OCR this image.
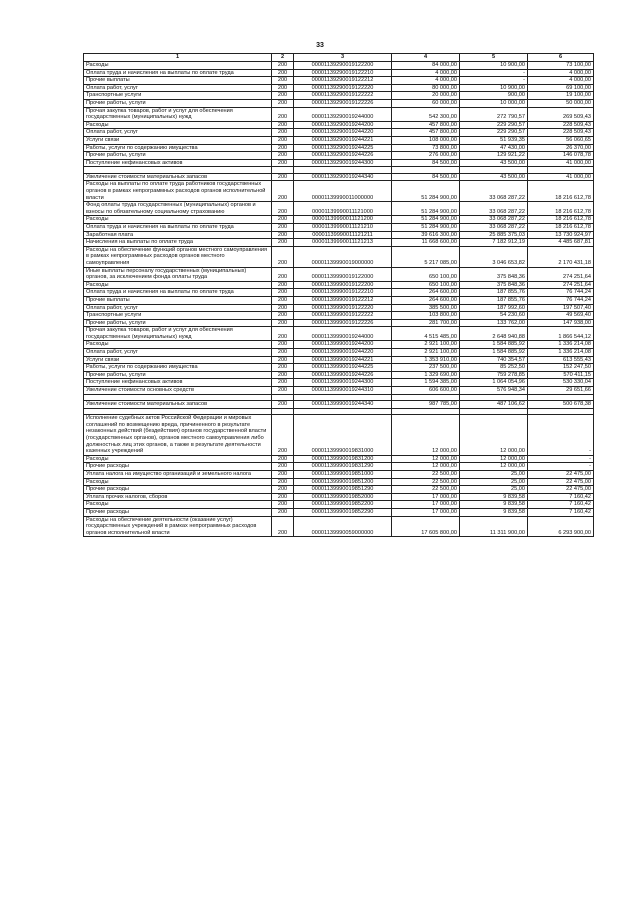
33
1	2	3	4	5	6
Расходы	200	00001139290019122200	84 000,00	10 900,00	73 100,00
Оплата труда и начисления на выплаты по оплате труда	200	00001139290019122210	4 000,00	-	4 000,00
Прочие выплаты	200	00001139290019122212	4 000,00	-	4 000,00
Оплата работ, услуг	200	00001139290019122220	80 000,00	10 900,00	69 100,00
Транспортные услуги	200	00001139290019122222	20 000,00	900,00	19 100,00
Прочие работы, услуги	200	00001139290019122226	60 000,00	10 000,00	50 000,00
Прочая закупка товаров, работ и услуг для обеспечения государственных (муниципальных) нужд	200	00001139290019244000	542 300,00	272 790,57	269 509,43
Расходы	200	00001139290019244200	457 800,00	229 290,57	228 509,43
Оплата работ, услуг	200	00001139290019244220	457 800,00	229 290,57	228 509,43
Услуги связи	200	00001139290019244221	108 000,00	51 939,35	56 060,65
Работы, услуги по содержанию имущества	200	00001139290019244225	73 800,00	47 430,00	26 370,00
Прочие работы, услуги	200	00001139290019244226	276 000,00	129 921,22	146 078,78
Поступление нефинансовых активов	200	00001139290019244300	84 500,00	43 500,00	41 000,00

Увеличение стоимости материальных запасов	200	00001139290019244340	84 500,00	43 500,00	41 000,00
Расходы на выплаты по оплате труда работников государственных органов в рамках непрограммных расходов органов исполнительной власти	200	00001139990011000000	51 284 900,00	33 068 287,22	18 216 612,78
Фонд оплаты труда государственных (муниципальных) органов и взносы по обязательному социальному страхованию	200	00001139990011121000	51 284 900,00	33 068 287,22	18 216 612,78
Расходы	200	00001139990011121200	51 284 900,00	33 068 287,22	18 216 612,78
Оплата труда и начисления на выплаты по оплате труда	200	00001139990011121210	51 284 900,00	33 068 287,22	18 216 612,78
Заработная плата	200	00001139990011121211	39 616 300,00	25 885 375,03	13 730 924,97
Начисления на выплаты по оплате труда	200	00001139990011121213	11 668 600,00	7 182 912,19	4 485 687,81
Расходы на обеспечение функций органов местного самоуправления в рамках непрограммных расходов органов местного самоуправления	200	00001139990019000000	5 217 085,00	3 046 653,82	2 170 431,18
Иные выплаты персоналу государственных (муниципальных) органов, за исключением фонда оплаты труда	200	00001139990019122000	650 100,00	375 848,36	274 251,64
Расходы	200	00001139990019122200	650 100,00	375 848,36	274 251,64
Оплата труда и начисления на выплаты по оплате труда	200	00001139990019122210	264 600,00	187 855,76	76 744,24
Прочие выплаты	200	00001139990019122212	264 600,00	187 855,76	76 744,24
Оплата работ, услуг	200	00001139990019122220	385 500,00	187 992,60	197 507,40
Транспортные услуги	200	00001139990019122222	103 800,00	54 230,60	49 569,40
Прочие работы, услуги	200	00001139990019122226	281 700,00	133 762,00	147 938,00
Прочая закупка товаров, работ и услуг для обеспечения государственных (муниципальных) нужд	200	00001139990019244000	4 515 485,00	2 648 940,88	1 866 544,12
Расходы	200	00001139990019244200	2 921 100,00	1 584 885,92	1 336 214,08
Оплата работ, услуг	200	00001139990019244220	2 921 100,00	1 584 885,92	1 336 214,08
Услуги связи	200	00001139990019244221	1 353 910,00	740 354,57	613 555,43
Работы, услуги по содержанию имущества	200	00001139990019244225	237 500,00	85 252,50	152 247,50
Прочие работы, услуги	200	00001139990019244226	1 329 690,00	759 278,85	570 411,15
Поступление нефинансовых активов	200	00001139990019244300	1 594 385,00	1 064 054,96	530 330,04
Увеличение стоимости основных средств	200	00001139990019244310	606 600,00	576 948,34	29 651,66

Увеличение стоимости материальных запасов	200	00001139990019244340	987 785,00	487 106,62	500 678,38

Исполнение судебных актов Российской Федерации и мировых соглашений по возмещению вреда, причиненного в результате незаконных действий (бездействия) органов государственной власти (государственных органов), органов местного самоуправления либо должностных лиц этих органов, а также в результате деятельности казенных учреждений	200	00001139990019831000	12 000,00	12 000,00	-
Расходы	200	00001139990019831200	12 000,00	12 000,00	-
Прочие расходы	200	00001139990019831290	12 000,00	12 000,00	-
Уплата налога на имущество организаций и земельного налога	200	00001139990019851000	22 500,00	25,00	22 475,00
Расходы	200	00001139990019851200	22 500,00	25,00	22 475,00
Прочие расходы	200	00001139990019851290	22 500,00	25,00	22 475,00
Уплата прочих налогов, сборов	200	00001139990019852000	17 000,00	9 839,58	7 160,42
Расходы	200	00001139990019852200	17 000,00	9 839,58	7 160,42
Прочие расходы	200	00001139990019852290	17 000,00	9 839,58	7 160,42
Расходы на обеспечение деятельности (оказание услуг) государственных учреждений в рамках непрограммных расходов органов исполнительной власти	200	00001139990059000000	17 605 800,00	11 311 900,00	6 293 900,00
